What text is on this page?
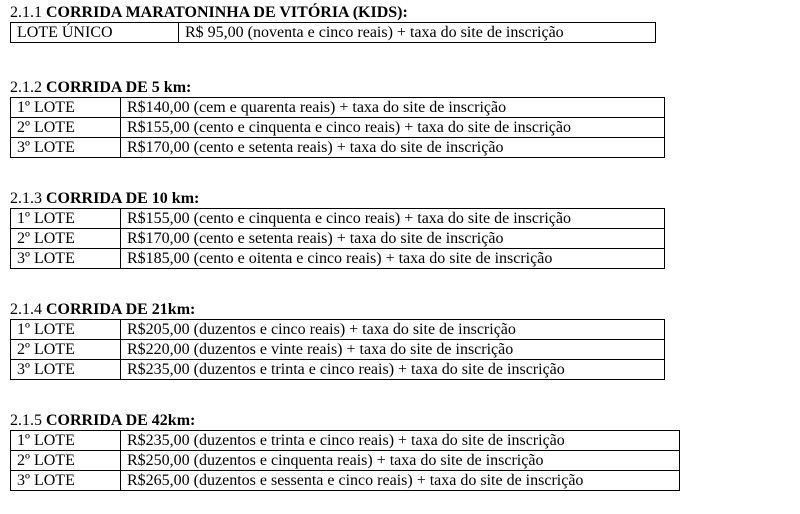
2.1.1 CORRIDA MARATONINHA DE VITÓRIA (KIDS):
LOTE ÚNICO	R$ 95,00 (noventa e cinco reais) + taxa do site de inscrição
2.1.2 CORRIDA DE 5 km:
1º LOTE	R$140,00 (cem e quarenta reais) + taxa do site de inscrição
2º LOTE	R$155,00 (cento e cinquenta e cinco reais) + taxa do site de inscrição
3º LOTE	R$170,00 (cento e setenta reais) + taxa do site de inscrição
2.1.3 CORRIDA DE 10 km:
1º LOTE	R$155,00 (cento e cinquenta e cinco reais) + taxa do site de inscrição
2º LOTE	R$170,00 (cento e setenta reais) + taxa do site de inscrição
3º LOTE	R$185,00 (cento e oitenta e cinco reais) + taxa do site de inscrição
2.1.4 CORRIDA DE 21km:
1º LOTE	R$205,00 (duzentos e cinco reais) + taxa do site de inscrição
2º LOTE	R$220,00 (duzentos e vinte reais) + taxa do site de inscrição
3º LOTE	R$235,00 (duzentos e trinta e cinco reais) + taxa do site de inscrição
2.1.5 CORRIDA DE 42km:
1º LOTE	R$235,00 (duzentos e trinta e cinco reais) + taxa do site de inscrição
2º LOTE	R$250,00 (duzentos e cinquenta reais) + taxa do site de inscrição
3º LOTE	R$265,00 (duzentos e sessenta e cinco reais) + taxa do site de inscrição
